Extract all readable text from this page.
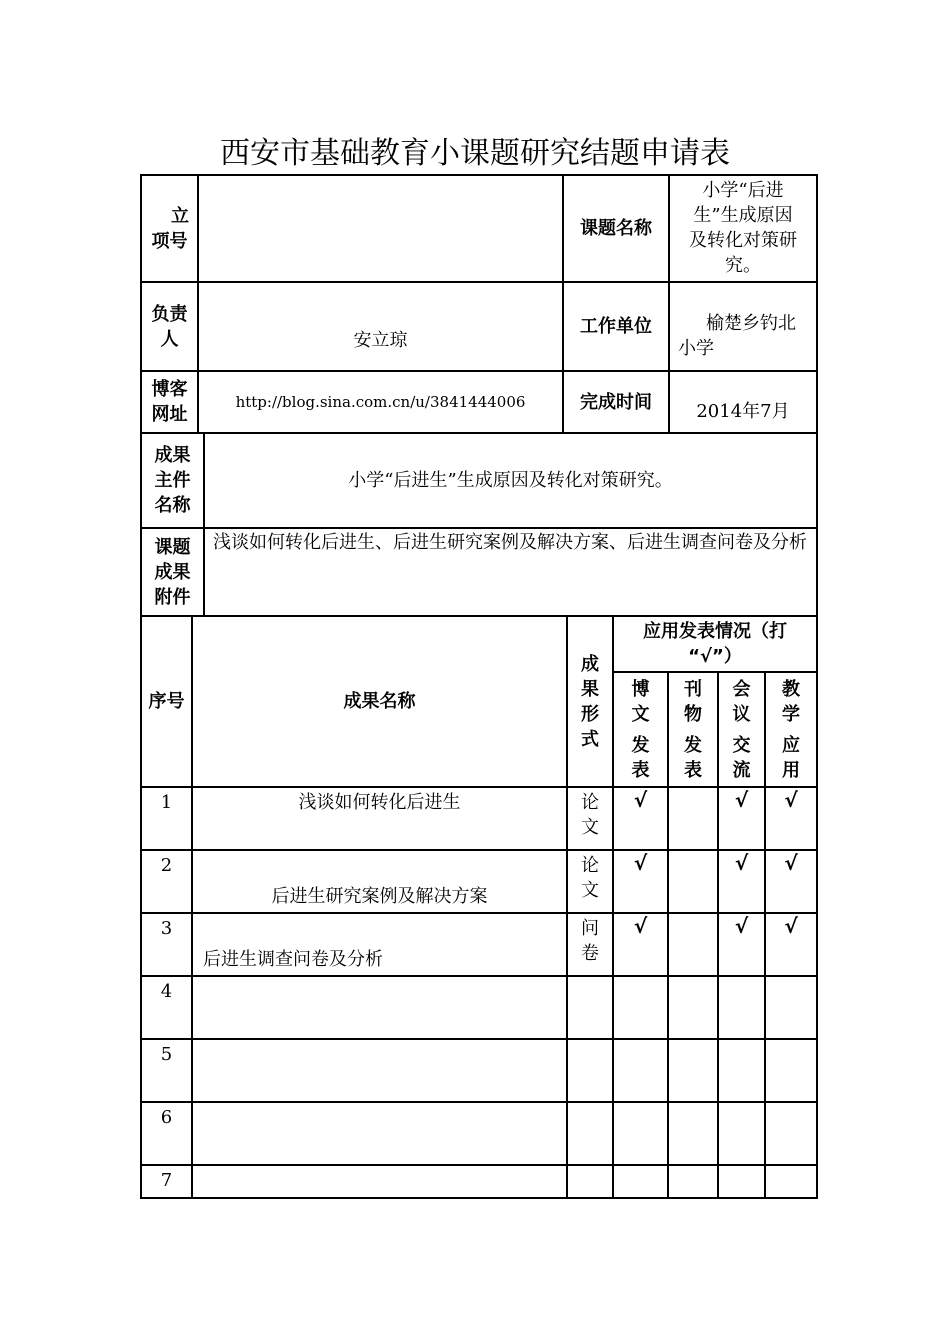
西安市基础教育小课题研究结题申请表
立
项号		课题名称	小学“后进
生”生成原因
及转化对策研
究。

负责
人	安立琼	工作单位	榆楚乡钓北
小学

博客
网址	http://blog.sina.com.cn/u/3841444006	完成时间	2014年7月
成果
主件
名称	小学“后进生”生成原因及转化对策研究。

课题
成果
附件	浅谈如何转化后进生、后进生研究案例及解决方案、后进生调查问卷及分析
序号	成果名称	成
果
形
式	应用发表情况（打
“√”）			

			博
文
发
表	刊
物
发
表	会
议
交
流	教
学
应
用

1	浅谈如何转化后进生	论
文	√		√	√
2	后进生研究案例及解决方案	论
文	√		√	√
3	后进生调查问卷及分析	问
卷	√		√	√
4						
5						
6						
7						
